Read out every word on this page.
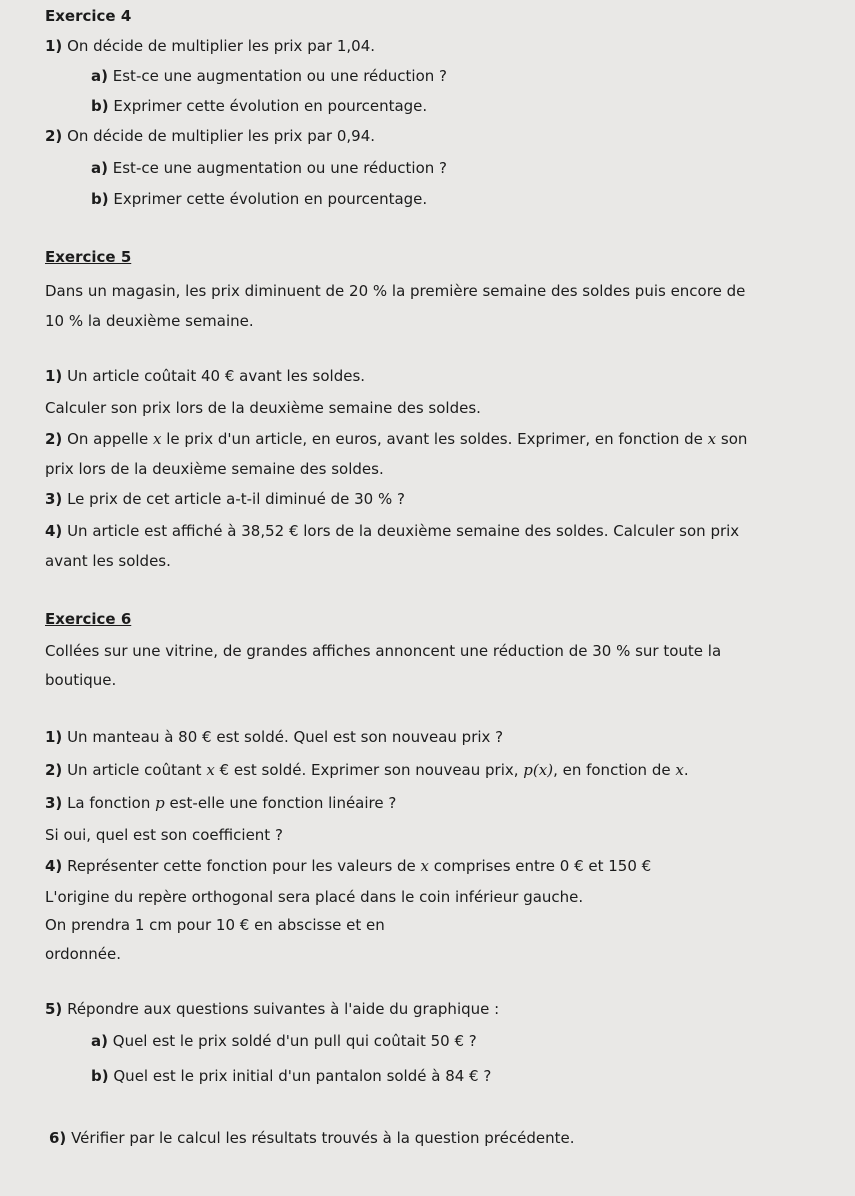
Exercice 4
1) On décide de multiplier les prix par 1,04.
a) Est-ce une augmentation ou une réduction ?
b) Exprimer cette évolution en pourcentage.
2) On décide de multiplier les prix par 0,94.
a) Est-ce une augmentation ou une réduction ?
b) Exprimer cette évolution en pourcentage.
Exercice 5
Dans un magasin, les prix diminuent de 20 % la première semaine des soldes puis encore de
10 % la deuxième semaine.
1) Un article coûtait 40 € avant les soldes.
Calculer son prix lors de la deuxième semaine des soldes.
2) On appelle x le prix d'un article, en euros, avant les soldes. Exprimer, en fonction de x son
prix lors de la deuxième semaine des soldes.
3) Le prix de cet article a-t-il diminué de 30 % ?
4) Un article est affiché à 38,52 € lors de la deuxième semaine des soldes. Calculer son prix
avant les soldes.
Exercice 6
Collées sur une vitrine, de grandes affiches annoncent une réduction de 30 % sur toute la
boutique.
1) Un manteau à 80 € est soldé. Quel est son nouveau prix ?
2) Un article coûtant x € est soldé. Exprimer son nouveau prix, p(x), en fonction de x.
3) La fonction p est-elle une fonction linéaire ?
Si oui, quel est son coefficient ?
4) Représenter cette fonction pour les valeurs de x comprises entre 0 € et 150 €
L'origine du repère orthogonal sera placé dans le coin inférieur gauche.
On prendra 1 cm pour 10 € en abscisse et en
ordonnée.
5) Répondre aux questions suivantes à l'aide du graphique :
a) Quel est le prix soldé d'un pull qui coûtait 50 € ?
b) Quel est le prix initial d'un pantalon soldé à 84 € ?
6) Vérifier par le calcul les résultats trouvés à la question précédente.
